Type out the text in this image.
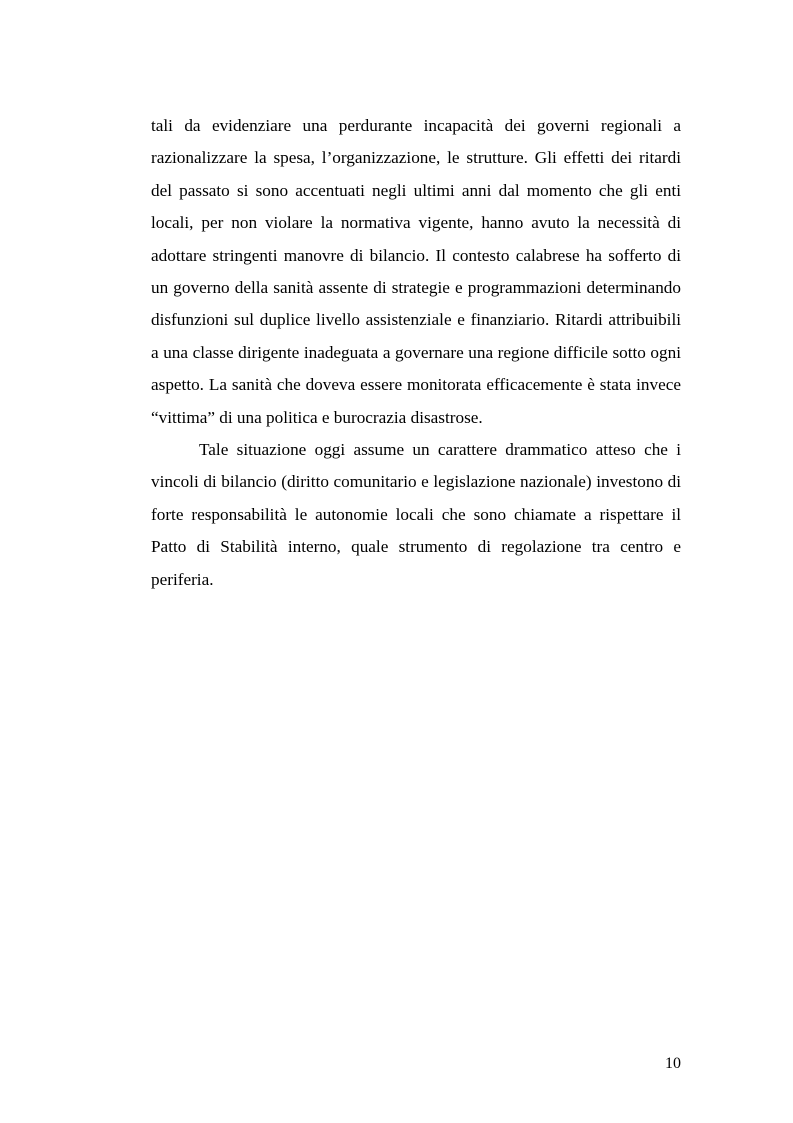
tali da evidenziare una perdurante incapacità dei governi regionali a razionalizzare la spesa, l’organizzazione, le strutture. Gli effetti dei ritardi del passato si sono accentuati negli ultimi anni dal momento che gli enti locali, per non violare la normativa vigente, hanno avuto la necessità di adottare stringenti manovre di bilancio. Il contesto calabrese ha sofferto di un governo della sanità assente di strategie e programmazioni determinando disfunzioni sul duplice livello assistenziale e finanziario. Ritardi attribuibili a una classe dirigente inadeguata a governare una regione difficile sotto ogni aspetto. La sanità che doveva essere monitorata efficacemente è stata invece “vittima” di una politica e burocrazia disastrose.

Tale situazione oggi assume un carattere drammatico atteso che i vincoli di bilancio (diritto comunitario e legislazione nazionale) investono di forte responsabilità le autonomie locali che sono chiamate a rispettare il Patto di Stabilità interno, quale strumento di regolazione tra centro e periferia.

10
